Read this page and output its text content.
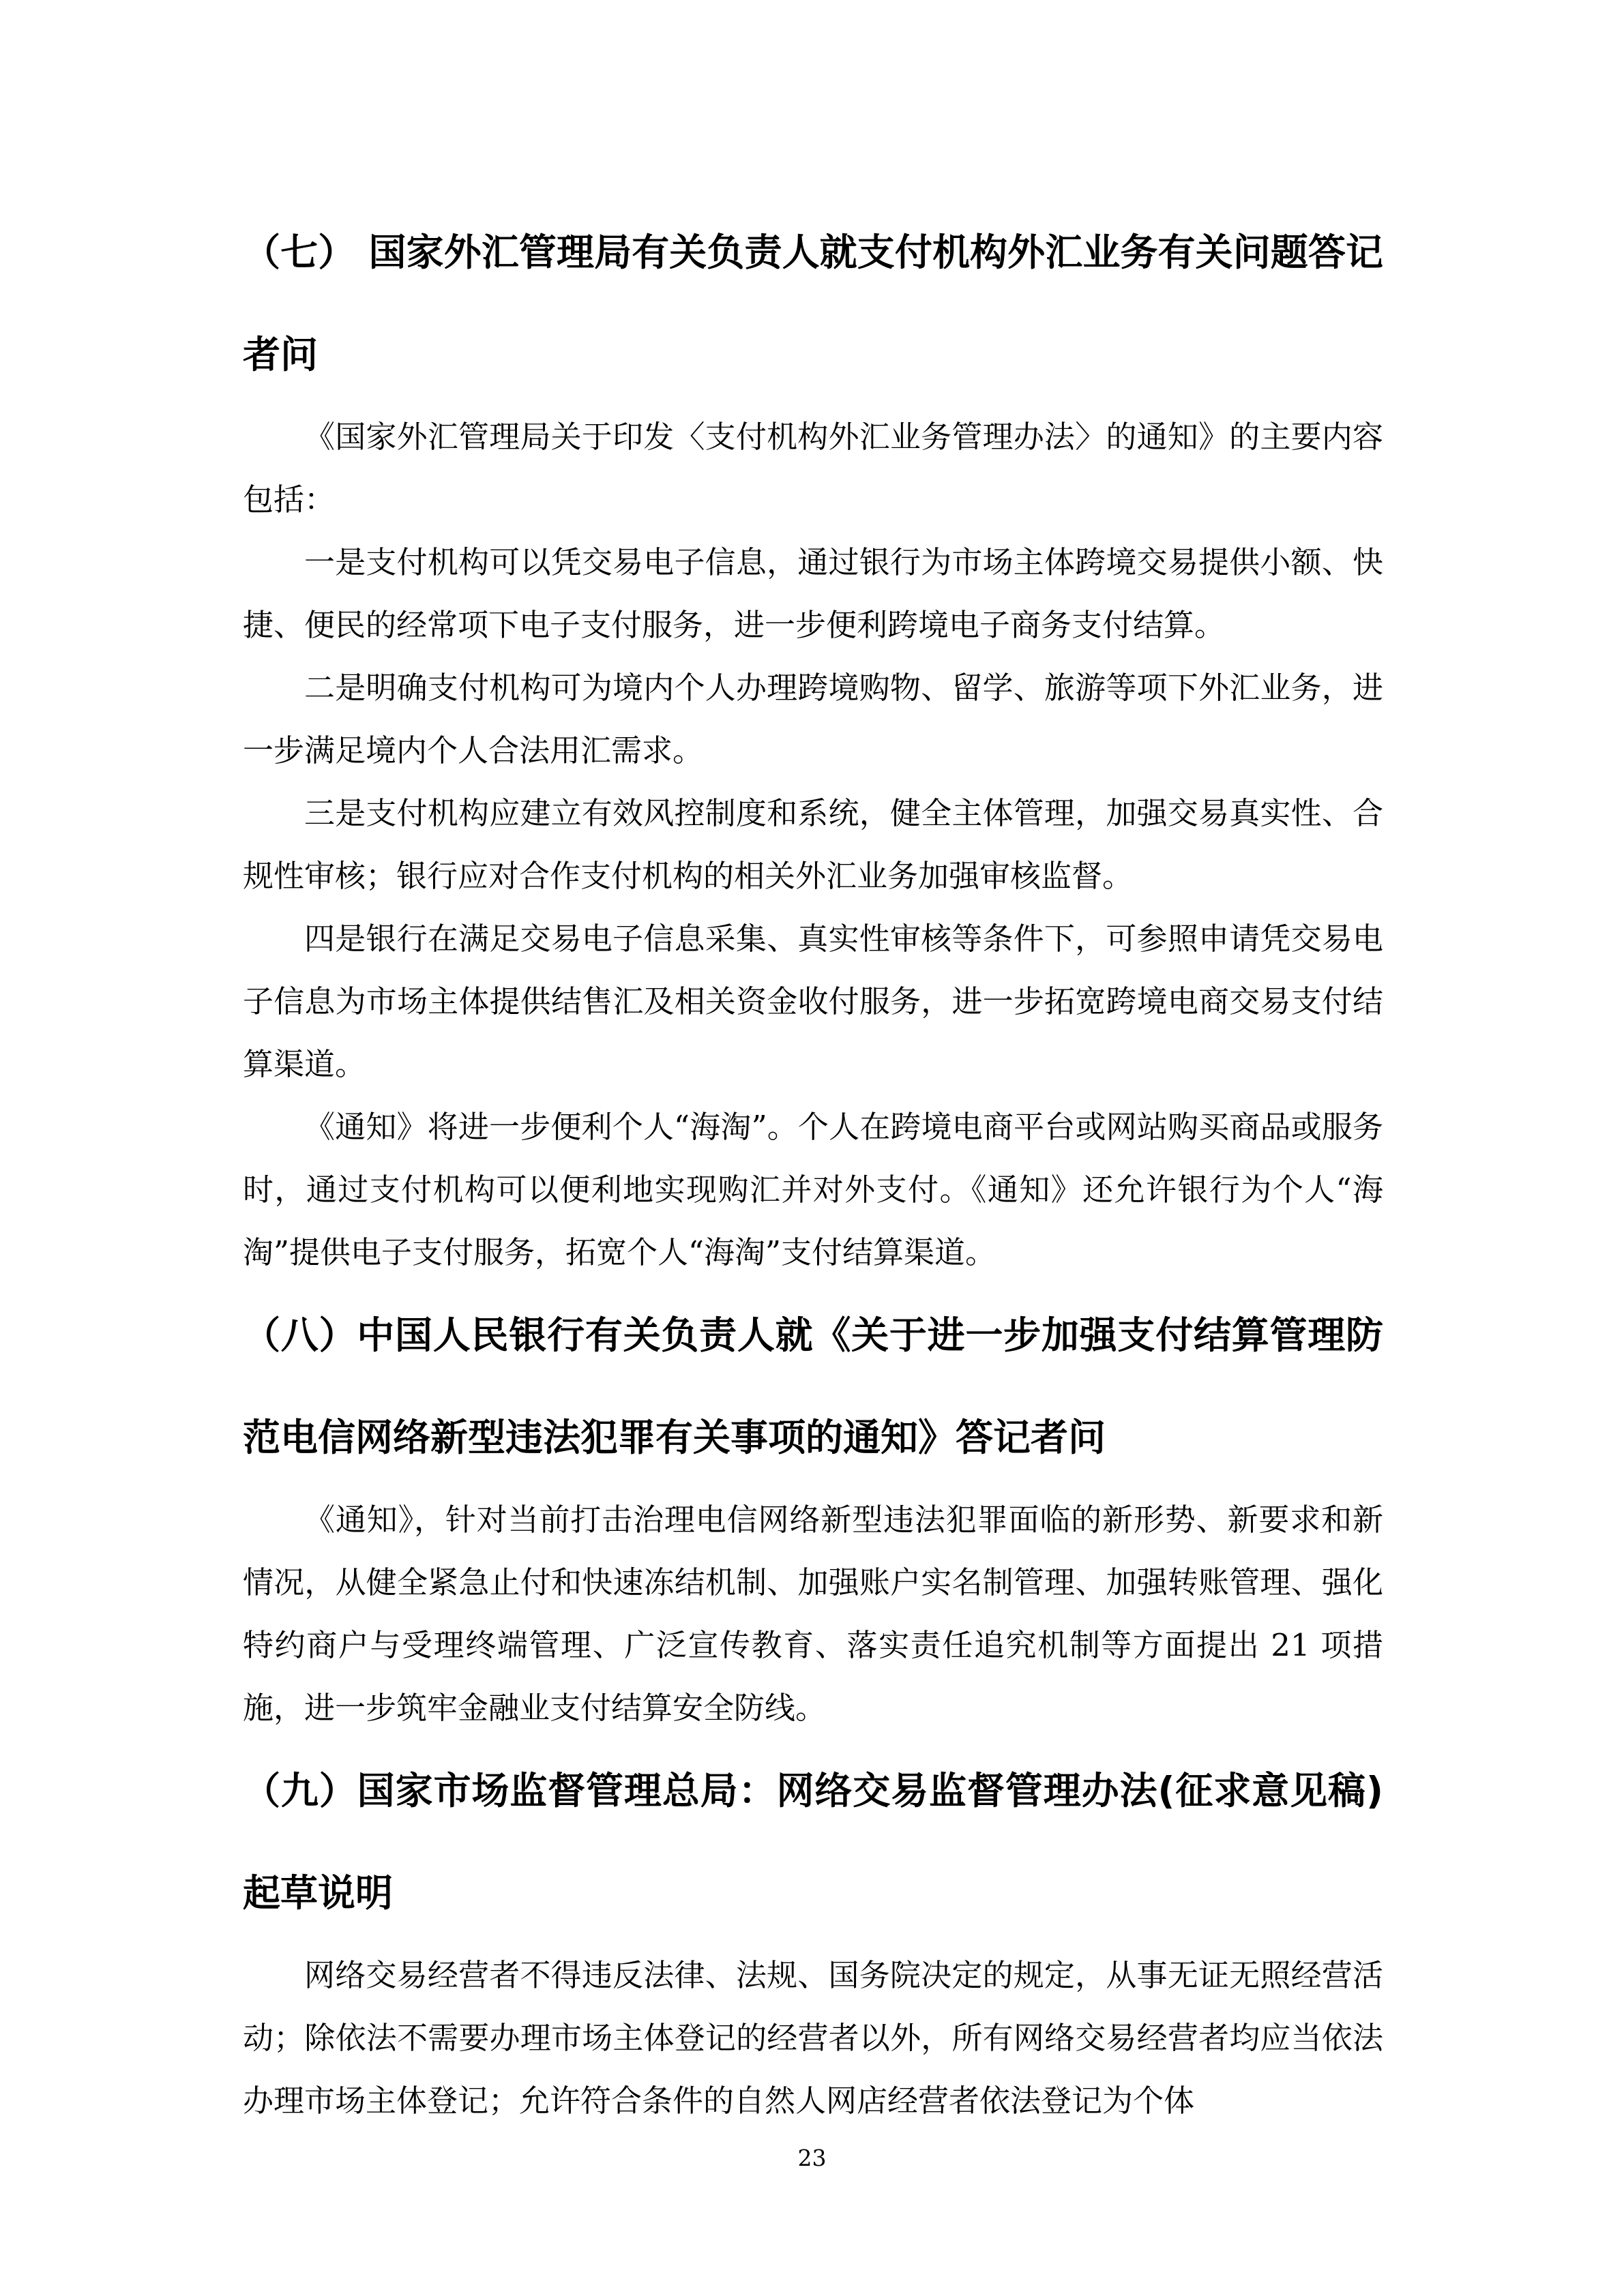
（七） 国家外汇管理局有关负责人就支付机构外汇业务有关问题答记者问

《国家外汇管理局关于印发〈支付机构外汇业务管理办法〉的通知》的主要内容包括：

一是支付机构可以凭交易电子信息，通过银行为市场主体跨境交易提供小额、快捷、便民的经常项下电子支付服务，进一步便利跨境电子商务支付结算。

二是明确支付机构可为境内个人办理跨境购物、留学、旅游等项下外汇业务，进一步满足境内个人合法用汇需求。

三是支付机构应建立有效风控制度和系统，健全主体管理，加强交易真实性、合规性审核；银行应对合作支付机构的相关外汇业务加强审核监督。

四是银行在满足交易电子信息采集、真实性审核等条件下，可参照申请凭交易电子信息为市场主体提供结售汇及相关资金收付服务，进一步拓宽跨境电商交易支付结算渠道。

《通知》将进一步便利个人“海淘”。个人在跨境电商平台或网站购买商品或服务时，通过支付机构可以便利地实现购汇并对外支付。《通知》还允许银行为个人“海淘”提供电子支付服务，拓宽个人“海淘”支付结算渠道。

（八）中国人民银行有关负责人就《关于进一步加强支付结算管理防范电信网络新型违法犯罪有关事项的通知》答记者问

《通知》，针对当前打击治理电信网络新型违法犯罪面临的新形势、新要求和新情况，从健全紧急止付和快速冻结机制、加强账户实名制管理、加强转账管理、强化特约商户与受理终端管理、广泛宣传教育、落实责任追究机制等方面提出 21 项措施，进一步筑牢金融业支付结算安全防线。

（九）国家市场监督管理总局：网络交易监督管理办法(征求意见稿)起草说明

网络交易经营者不得违反法律、法规、国务院决定的规定，从事无证无照经营活动；除依法不需要办理市场主体登记的经营者以外，所有网络交易经营者均应当依法办理市场主体登记；允许符合条件的自然人网店经营者依法登记为个体

23
